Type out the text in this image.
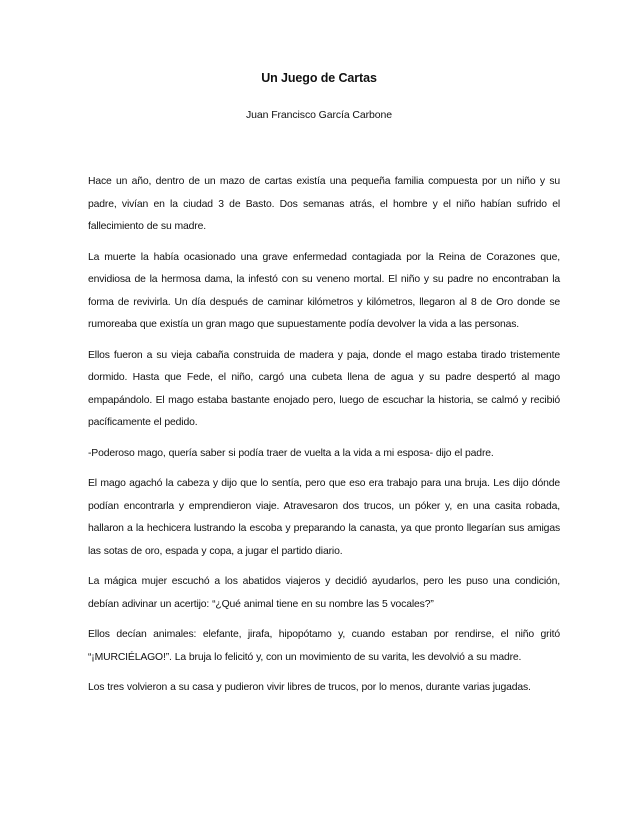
Un Juego de Cartas
Juan Francisco García Carbone

Hace un año, dentro de un mazo de cartas existía una pequeña familia compuesta por un niño y su padre, vivían en la ciudad 3 de Basto. Dos semanas atrás, el hombre y el niño habían sufrido el fallecimiento de su madre.

La muerte la había ocasionado una grave enfermedad contagiada por la Reina de Corazones que, envidiosa de la hermosa dama, la infestó con su veneno mortal. El niño y su padre no encontraban la forma de revivirla. Un día después de caminar kilómetros y kilómetros, llegaron al 8 de Oro donde se rumoreaba que existía un gran mago que supuestamente podía devolver la vida a las personas.

Ellos fueron a su vieja cabaña construida de madera y paja, donde el mago estaba tirado tristemente dormido. Hasta que Fede, el niño, cargó una cubeta llena de agua y su padre despertó al mago empapándolo. El mago estaba bastante enojado pero, luego de escuchar la historia, se calmó y recibió pacíficamente el pedido.

-Poderoso mago, quería saber si podía traer de vuelta a la vida a mi esposa- dijo el padre.

El mago agachó la cabeza y dijo que lo sentía, pero que eso era trabajo para una bruja. Les dijo dónde podían encontrarla y emprendieron viaje. Atravesaron dos trucos, un póker y, en una casita robada, hallaron a la hechicera lustrando la escoba y preparando la canasta, ya que pronto llegarían sus amigas las sotas de oro, espada y copa, a jugar el partido diario.

La mágica mujer escuchó a los abatidos viajeros y decidió ayudarlos, pero les puso una condición, debían adivinar un acertijo: “¿Qué animal tiene en su nombre las 5 vocales?”

Ellos decían animales: elefante, jirafa, hipopótamo y, cuando estaban por rendirse, el niño gritó “¡MURCIÉLAGO!”. La bruja lo felicitó y, con un movimiento de su varita, les devolvió a su madre.

Los tres volvieron a su casa y pudieron vivir libres de trucos, por lo menos, durante varias jugadas.
